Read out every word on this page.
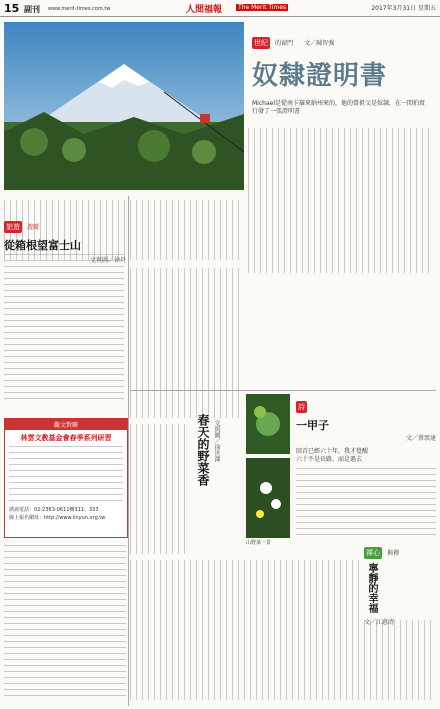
15 副刊 www.merit-times.com.tw	人間福報	The Merit Times	2017年3月31日 星期五
世紀 的窗門 文／陳智強
奴隸證明書
Michael是從南卡羅來納州來的，他的曾祖父是奴隸，在一間拍賣行發了一張證明書
旅遊 遊蹤
從箱根望富士山
文與圖／徐丹
觀文對聯
林雲文教基金會春季系列研習
諮詢電話：02-2363-0611轉311、333
線上報名網址：http://www.linyun.org.tw
春天的野菜香 文與圖／徐世澤
山野菜一景
詩
一甲子
文／蔡頌達
回首已經六十年，我才覺醒
六十不是長路，而是過去
禪心 與禪
寧靜的幸福
文／江惠清
